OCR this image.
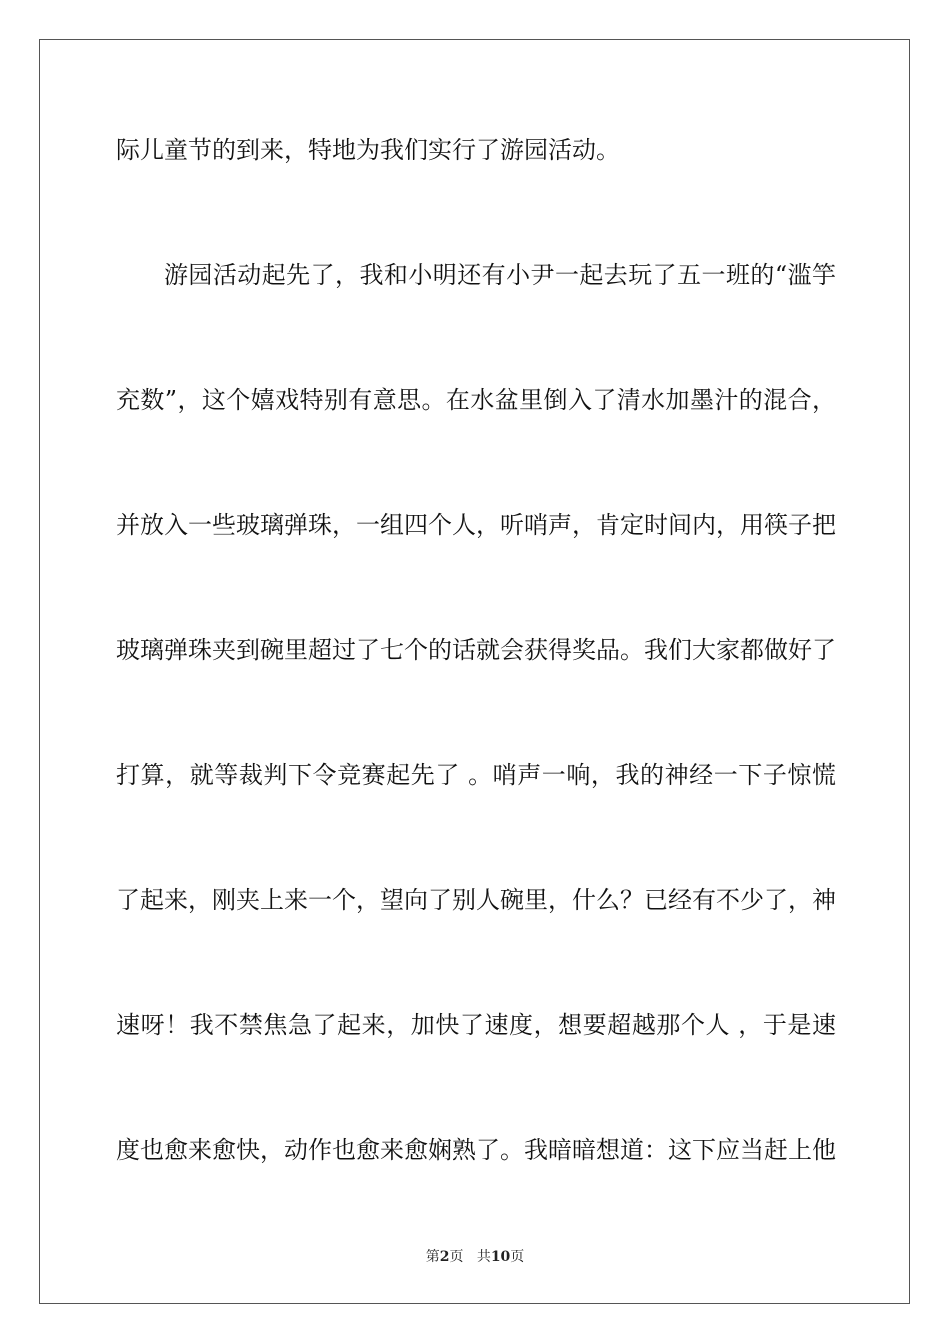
际儿童节的到来，特地为我们实行了游园活动。
游园活动起先了，我和小明还有小尹一起去玩了五一班的“滥竽
充数”，这个嬉戏特别有意思。在水盆里倒入了清水加墨汁的混合，
并放入一些玻璃弹珠，一组四个人，听哨声，肯定时间内，用筷子把
玻璃弹珠夹到碗里超过了七个的话就会获得奖品。我们大家都做好了
打算，就等裁判下令竞赛起先了 。哨声一响，我的神经一下子惊慌
了起来，刚夹上来一个，望向了别人碗里，什么？已经有不少了，神
速呀！我不禁焦急了起来，加快了速度，想要超越那个人 ，于是速
度也愈来愈快，动作也愈来愈娴熟了。我暗暗想道：这下应当赶上他
第2页 共10页
